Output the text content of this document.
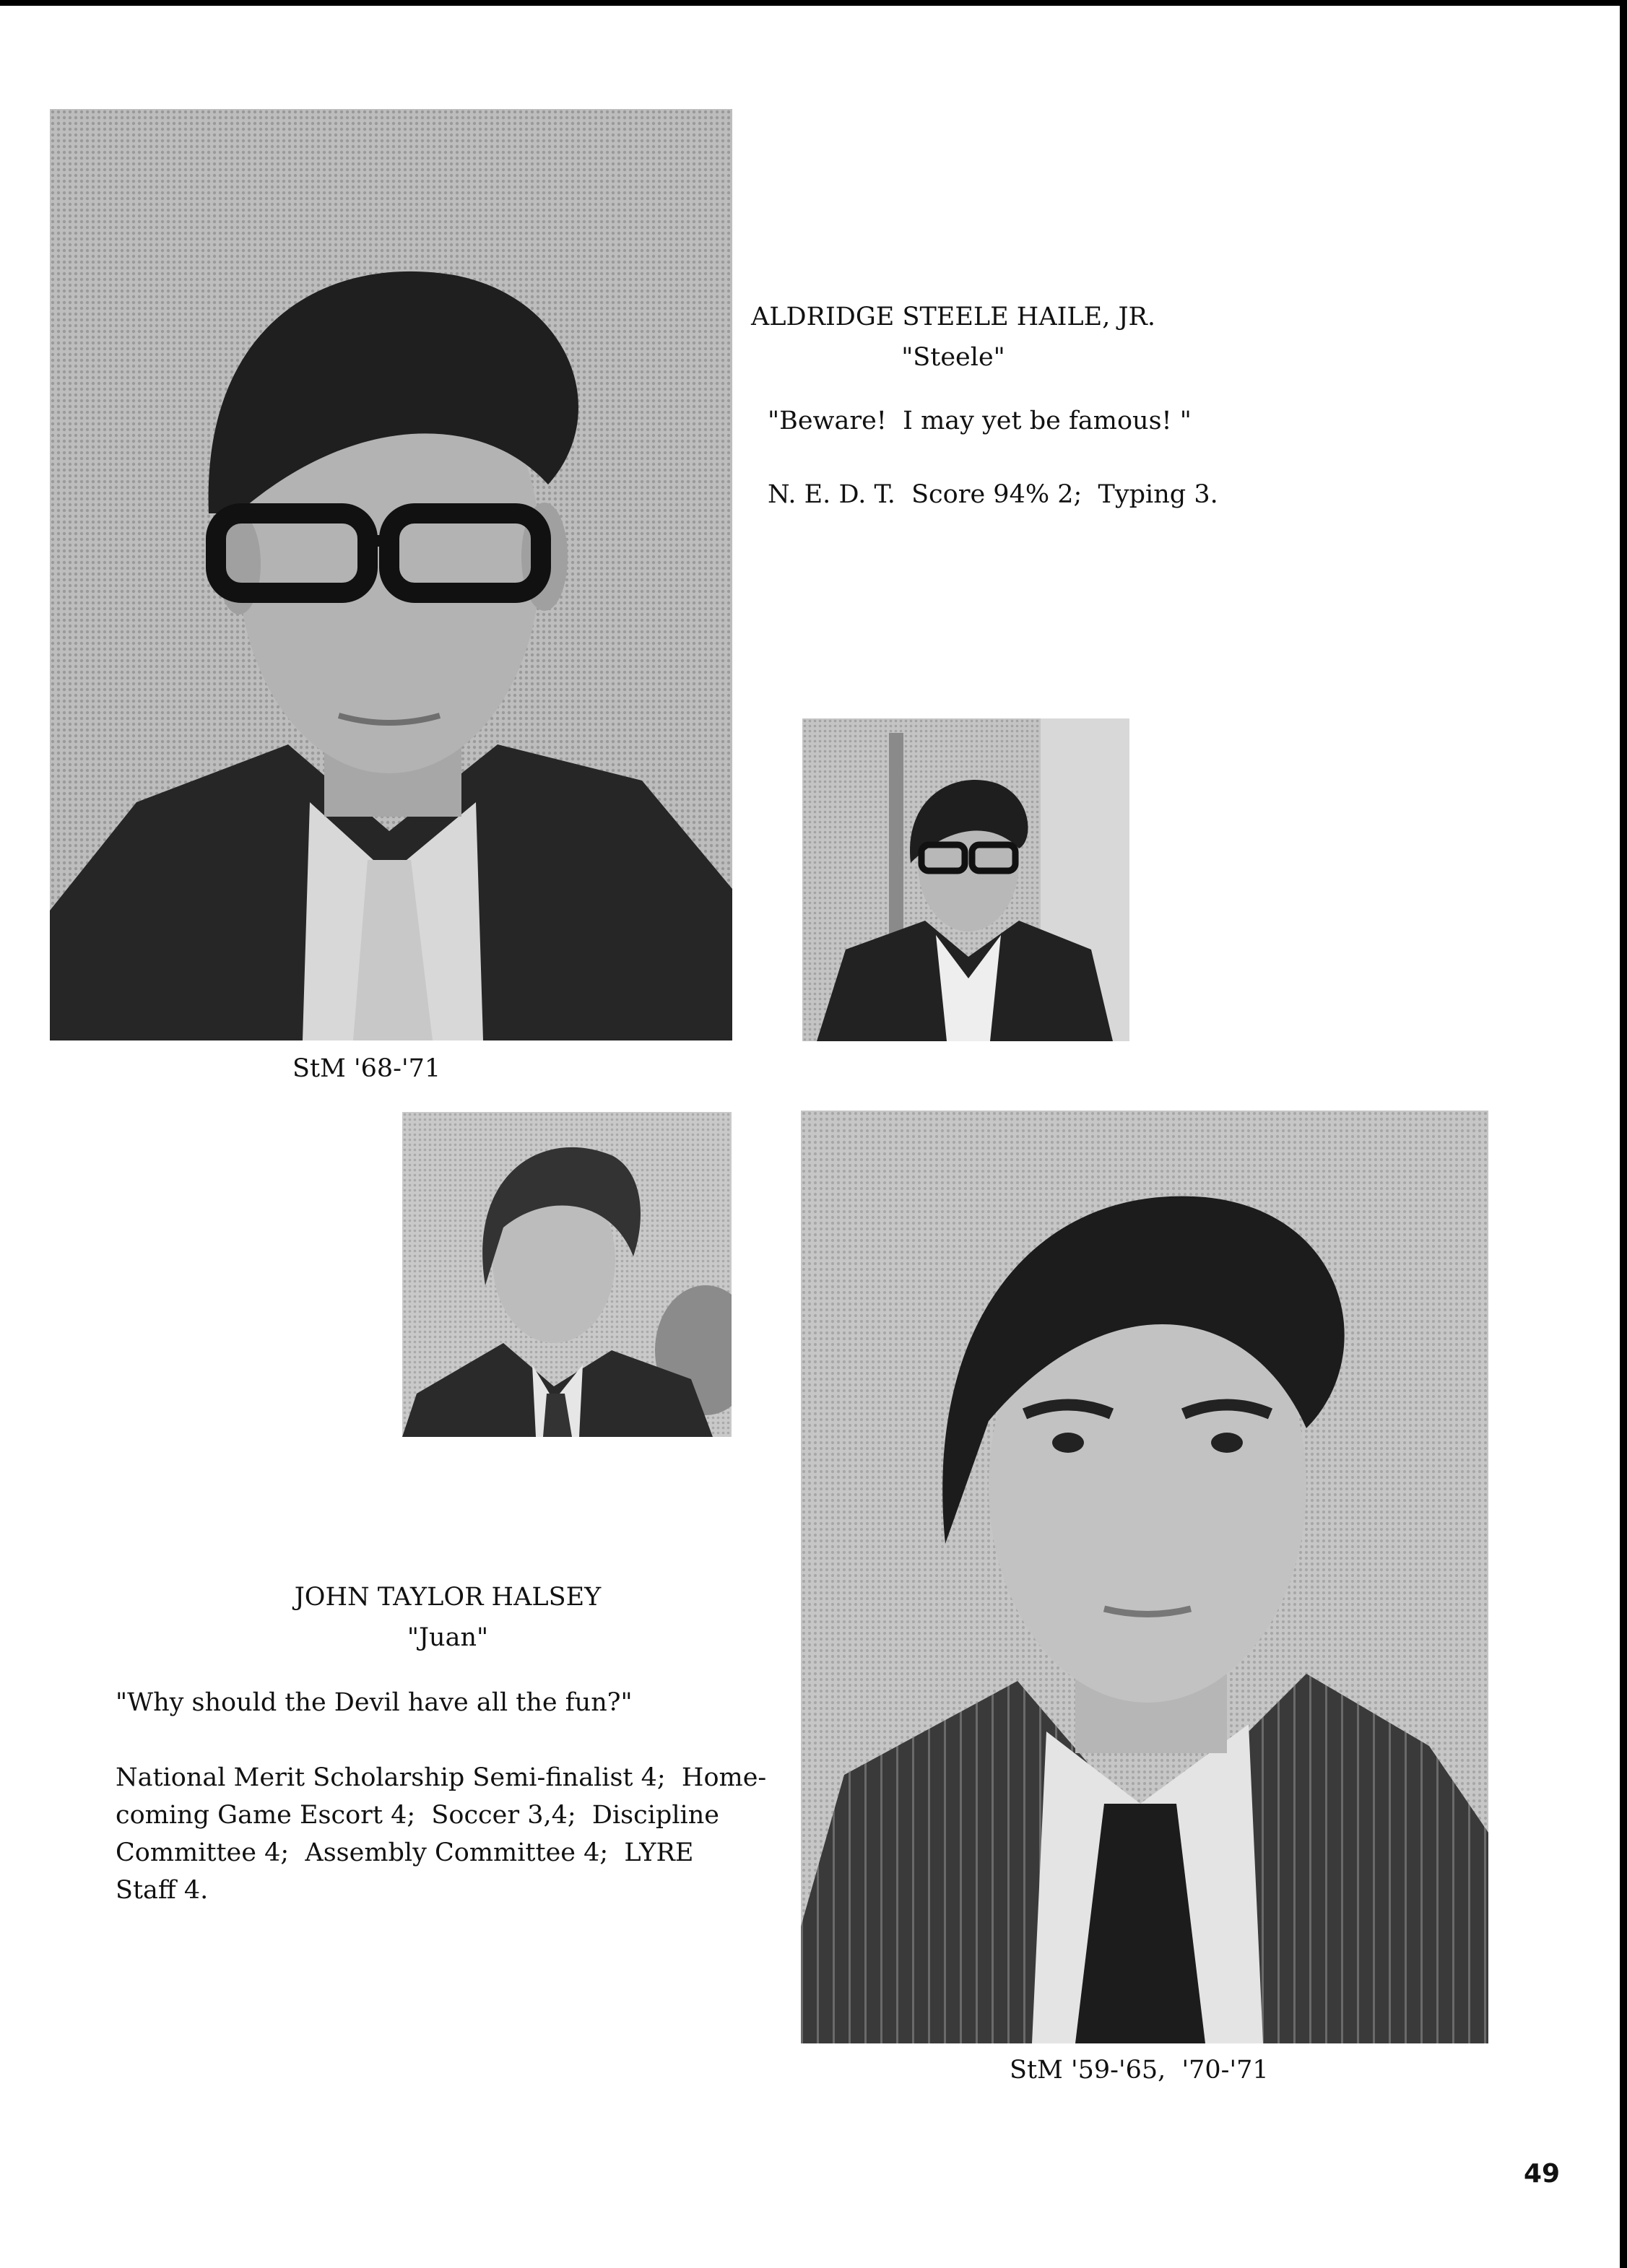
ALDRIDGE STEELE HAILE, JR.
"Steele"
"Beware!  I may yet be famous! "
N. E. D. T.  Score 94% 2;  Typing 3.
StM '68-'71
JOHN TAYLOR HALSEY
"Juan"
"Why should the Devil have all the fun?"
National Merit Scholarship Semi-finalist 4;  Home-
coming Game Escort 4;  Soccer 3,4;  Discipline
Committee 4;  Assembly Committee 4;  LYRE
Staff 4.
StM '59-'65,  '70-'71
49
